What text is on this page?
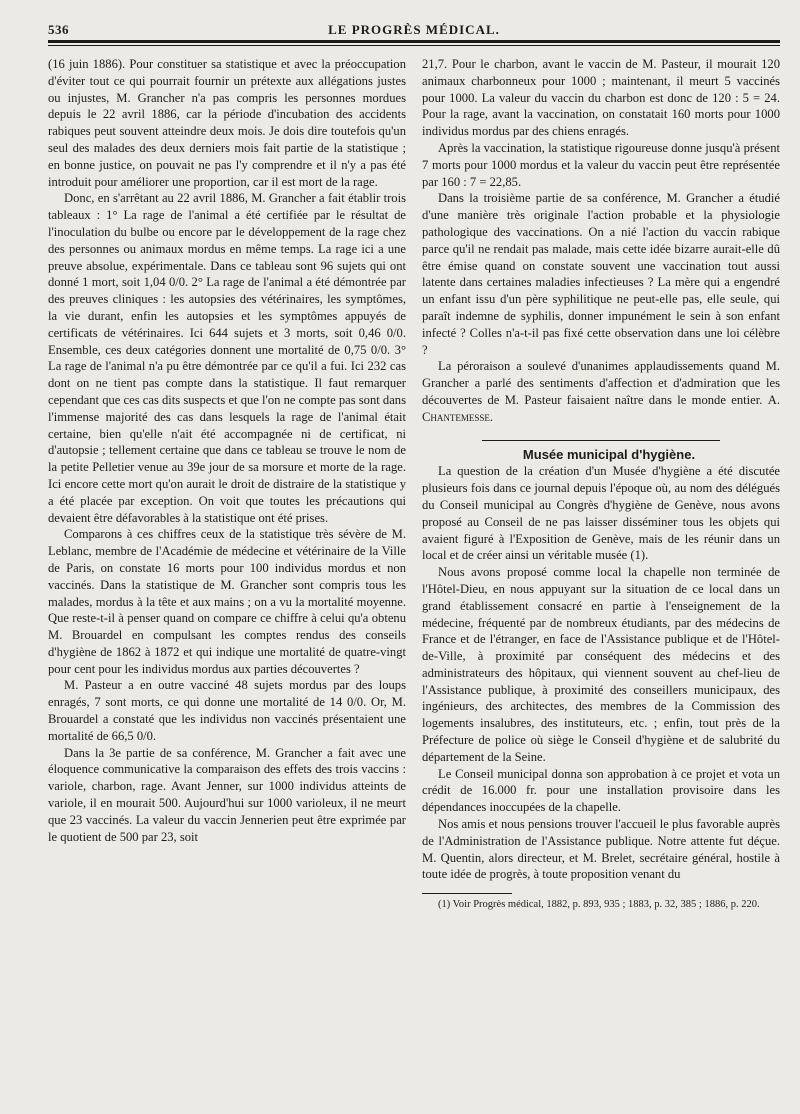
536	LE PROGRÈS MÉDICAL.

(16 juin 1886). Pour constituer sa statistique et avec la préoccupation d'éviter tout ce qui pourrait fournir un prétexte aux allégations justes ou injustes, M. Grancher n'a pas compris les personnes mordues depuis le 22 avril 1886, car la période d'incubation des accidents rabiques peut souvent atteindre deux mois. Je dois dire toutefois qu'un seul des malades des deux derniers mois fait partie de la statistique ; en bonne justice, on pouvait ne pas l'y comprendre et il n'y a pas été introduit pour améliorer une proportion, car il est mort de la rage.

Donc, en s'arrêtant au 22 avril 1886, M. Grancher a fait établir trois tableaux : 1° La rage de l'animal a été certifiée par le résultat de l'inoculation du bulbe ou encore par le développement de la rage chez des personnes ou animaux mordus en même temps. La rage ici a une preuve absolue, expérimentale. Dans ce tableau sont 96 sujets qui ont donné 1 mort, soit 1,04 0/0. 2° La rage de l'animal a été démontrée par des preuves cliniques : les autopsies des vétérinaires, les symptômes, la vie durant, enfin les autopsies et les symptômes appuyés de certificats de vétérinaires. Ici 644 sujets et 3 morts, soit 0,46 0/0. Ensemble, ces deux catégories donnent une mortalité de 0,75 0/0. 3° La rage de l'animal n'a pu être démontrée par ce qu'il a fui. Ici 232 cas dont on ne tient pas compte dans la statistique. Il faut remarquer cependant que ces cas dits suspects et que l'on ne compte pas sont dans l'immense majorité des cas dans lesquels la rage de l'animal était certaine, bien qu'elle n'ait été accompagnée ni de certificat, ni d'autopsie ; tellement certaine que dans ce tableau se trouve le nom de la petite Pelletier venue au 39e jour de sa morsure et morte de la rage. Ici encore cette mort qu'on aurait le droit de distraire de la statistique y a été placée par exception. On voit que toutes les précautions qui devaient être défavorables à la statistique ont été prises.

Comparons à ces chiffres ceux de la statistique très sévère de M. Leblanc, membre de l'Académie de médecine et vétérinaire de la Ville de Paris, on constate 16 morts pour 100 individus mordus et non vaccinés. Dans la statistique de M. Grancher sont compris tous les malades, mordus à la tête et aux mains ; on a vu la mortalité moyenne. Que reste-t-il à penser quand on compare ce chiffre à celui qu'a obtenu M. Brouardel en compulsant les comptes rendus des conseils d'hygiène de 1862 à 1872 et qui indique une mortalité de quatre-vingt pour cent pour les individus mordus aux parties découvertes ?

M. Pasteur a en outre vacciné 48 sujets mordus par des loups enragés, 7 sont morts, ce qui donne une mortalité de 14 0/0. Or, M. Brouardel a constaté que les individus non vaccinés présentaient une mortalité de 66,5 0/0.

Dans la 3e partie de sa conférence, M. Grancher a fait avec une éloquence communicative la comparaison des effets des trois vaccins : variole, charbon, rage. Avant Jenner, sur 1000 individus atteints de variole, il en mourait 500. Aujourd'hui sur 1000 varioleux, il ne meurt que 23 vaccinés. La valeur du vaccin Jennerien peut être exprimée par le quotient de 500 par 23, soit

21,7. Pour le charbon, avant le vaccin de M. Pasteur, il mourait 120 animaux charbonneux pour 1000 ; maintenant, il meurt 5 vaccinés pour 1000. La valeur du vaccin du charbon est donc de 120 : 5 = 24. Pour la rage, avant la vaccination, on constatait 160 morts pour 1000 individus mordus par des chiens enragés.

Après la vaccination, la statistique rigoureuse donne jusqu'à présent 7 morts pour 1000 mordus et la valeur du vaccin peut être représentée par 160 : 7 = 22,85.

Dans la troisième partie de sa conférence, M. Grancher a étudié d'une manière très originale l'action probable et la physiologie pathologique des vaccinations. On a nié l'action du vaccin rabique parce qu'il ne rendait pas malade, mais cette idée bizarre aurait-elle dû être émise quand on constate souvent une vaccination tout aussi latente dans certaines maladies infectieuses ? La mère qui a engendré un enfant issu d'un père syphilitique ne peut-elle pas, elle seule, qui paraît indemne de syphilis, donner impunément le sein à son enfant infecté ? Colles n'a-t-il pas fixé cette observation dans une loi célèbre ?

La péroraison a soulevé d'unanimes applaudissements quand M. Grancher a parlé des sentiments d'affection et d'admiration que les découvertes de M. Pasteur faisaient naître dans le monde entier. A. Chantemesse.

Musée municipal d'hygiène.

La question de la création d'un Musée d'hygiène a été discutée plusieurs fois dans ce journal depuis l'époque où, au nom des délégués du Conseil municipal au Congrès d'hygiène de Genève, nous avons proposé au Conseil de ne pas laisser disséminer tous les objets qui avaient figuré à l'Exposition de Genève, mais de les réunir dans un local et de créer ainsi un véritable musée (1).

Nous avons proposé comme local la chapelle non terminée de l'Hôtel-Dieu, en nous appuyant sur la situation de ce local dans un grand établissement consacré en partie à l'enseignement de la médecine, fréquenté par de nombreux étudiants, par des médecins de France et de l'étranger, en face de l'Assistance publique et de l'Hôtel-de-Ville, à proximité par conséquent des médecins et des administrateurs des hôpitaux, qui viennent souvent au chef-lieu de l'Assistance publique, à proximité des conseillers municipaux, des ingénieurs, des architectes, des membres de la Commission des logements insalubres, des instituteurs, etc. ; enfin, tout près de la Préfecture de police où siège le Conseil d'hygiène et de salubrité du département de la Seine.

Le Conseil municipal donna son approbation à ce projet et vota un crédit de 16.000 fr. pour une installation provisoire dans les dépendances inoccupées de la chapelle.

Nos amis et nous pensions trouver l'accueil le plus favorable auprès de l'Administration de l'Assistance publique. Notre attente fut déçue. M. Quentin, alors directeur, et M. Brelet, secrétaire général, hostile à toute idée de progrès, à toute proposition venant du

(1) Voir Progrès médical, 1882, p. 893, 935 ; 1883, p. 32, 385 ; 1886, p. 220.
